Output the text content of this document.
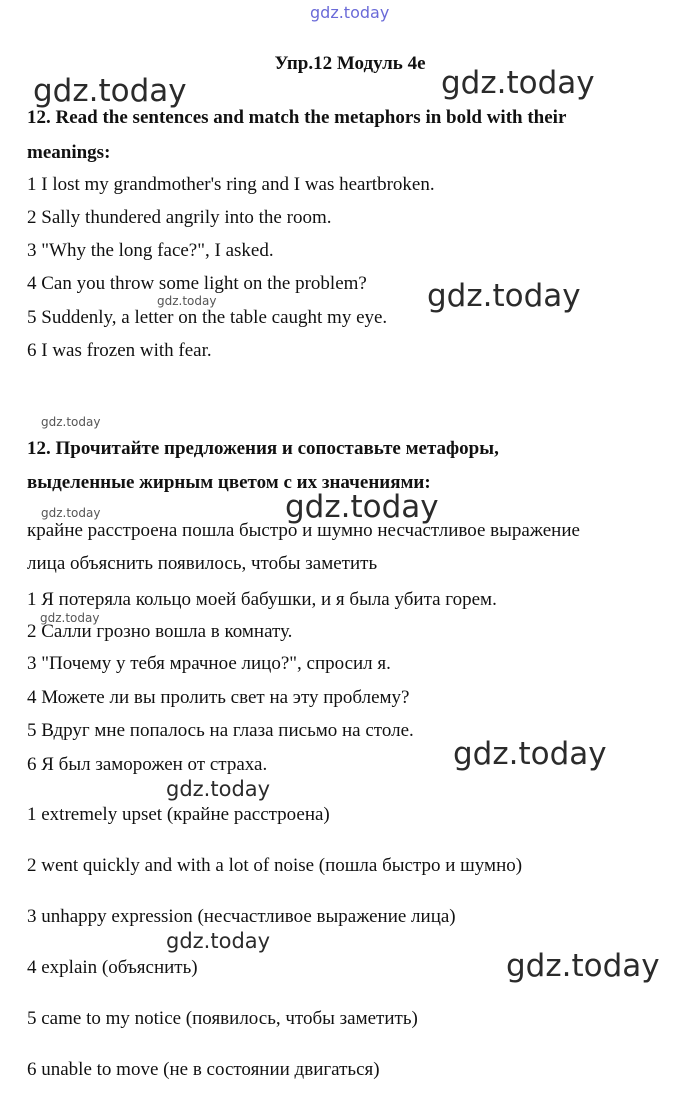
gdz.today
gdz.today	gdz.today
gdz.today	gdz.today
gdz.today
gdz.today	gdz.today
gdz.today
gdz.today
gdz.today
gdz.today
gdz.today
Упр.12 Модуль 4е
12. Read the sentences and match the metaphors in bold with their
meanings:
1 I lost my grandmother's ring and I was heartbroken.
2 Sally thundered angrily into the room.
3 "Why the long face?", I asked.
4 Can you throw some light on the problem?
5 Suddenly, a letter on the table caught my eye.
6 I was frozen with fear.
12. Прочитайте предложения и сопоставьте метафоры,
выделенные жирным цветом с их значениями:
крайне расстроена пошла быстро и шумно несчастливое выражение
лица объяснить появилось, чтобы заметить
1 Я потеряла кольцо моей бабушки, и я была убита горем.
2 Салли грозно вошла в комнату.
3 "Почему у тебя мрачное лицо?", спросил я.
4 Можете ли вы пролить свет на эту проблему?
5 Вдруг мне попалось на глаза письмо на столе.
6 Я был заморожен от страха.
1 extremely upset (крайне расстроена)
2 went quickly and with a lot of noise (пошла быстро и шумно)
3 unhappy expression (несчастливое выражение лица)
4 explain (объяснить)
5 came to my notice (появилось, чтобы заметить)
6 unable to move (не в состоянии двигаться)
